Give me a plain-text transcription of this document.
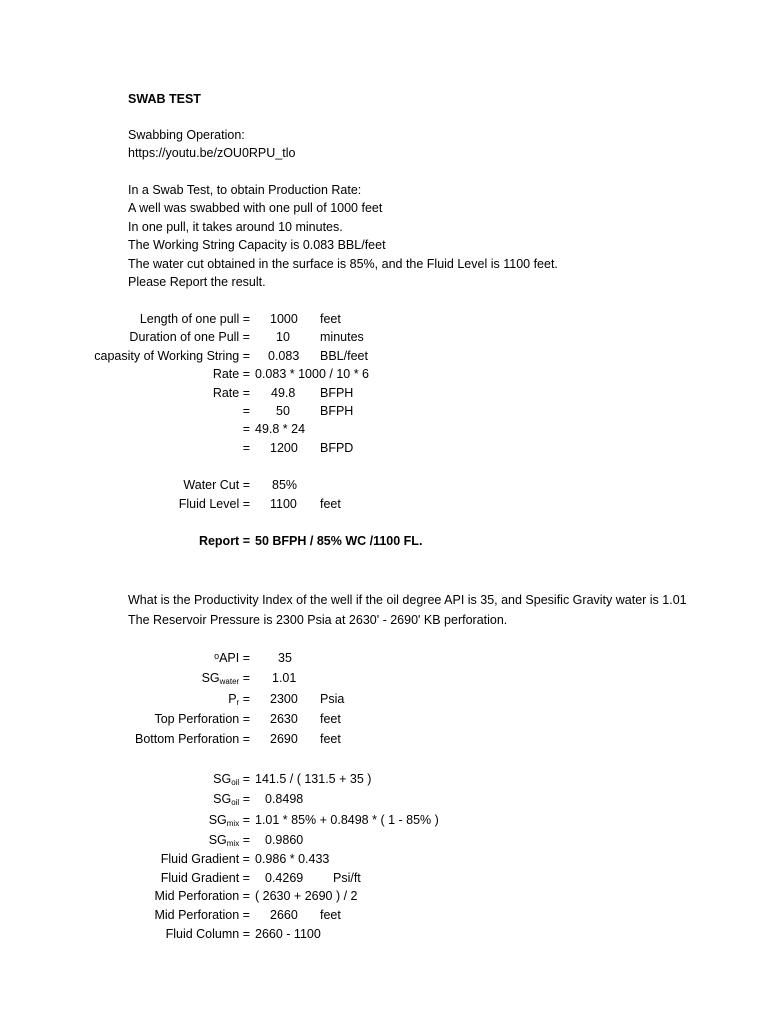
SWAB TEST
Swabbing Operation:
https://youtu.be/zOU0RPU_tlo
In a Swab Test, to obtain Production Rate:
A well was swabbed with one pull of 1000 feet
In one pull, it takes around 10 minutes.
The Working String Capacity is 0.083 BBL/feet
The water cut obtained in the surface is 85%, and the Fluid Level is 1100 feet.
Please Report the result.
Length of one pull = 1000 feet
Duration of one Pull = 10 minutes
capasity of Working String = 0.083 BBL/feet
Rate = 0.083 * 1000 / 10 * 6
Rate = 49.8 BFPH
= 50 BFPH
= 49.8 * 24
= 1200 BFPD
Water Cut = 85%
Fluid Level = 1100 feet
Report = 50 BFPH / 85% WC /1100 FL.
What is the Productivity Index of the well if the oil degree API is 35, and Spesific Gravity water is 1.01
The Reservoir Pressure is 2300 Psia at 2630' - 2690' KB perforation.
$^o$API = 35
$SG_{water} = 1.01$
$P_r = 2300$ Psia
Top Perforation = 2630 feet
Bottom Perforation = 2690 feet
$SG_{oil} = 141.5$ / ( 131.5 + 35 )
$SG_{oil} = 0.8498$
$SG_{mix} = 1.01 * 85\% + 0.8498$ * ( 1 - 85% )
$SG_{mix} = 0.9860$
Fluid Gradient = 0.986 * 0.433
Fluid Gradient = 0.4269 Psi/ft
Mid Perforation = ( 2630 + 2690 ) / 2
Mid Perforation = 2660 feet
Fluid Column = 2660 - 1100
